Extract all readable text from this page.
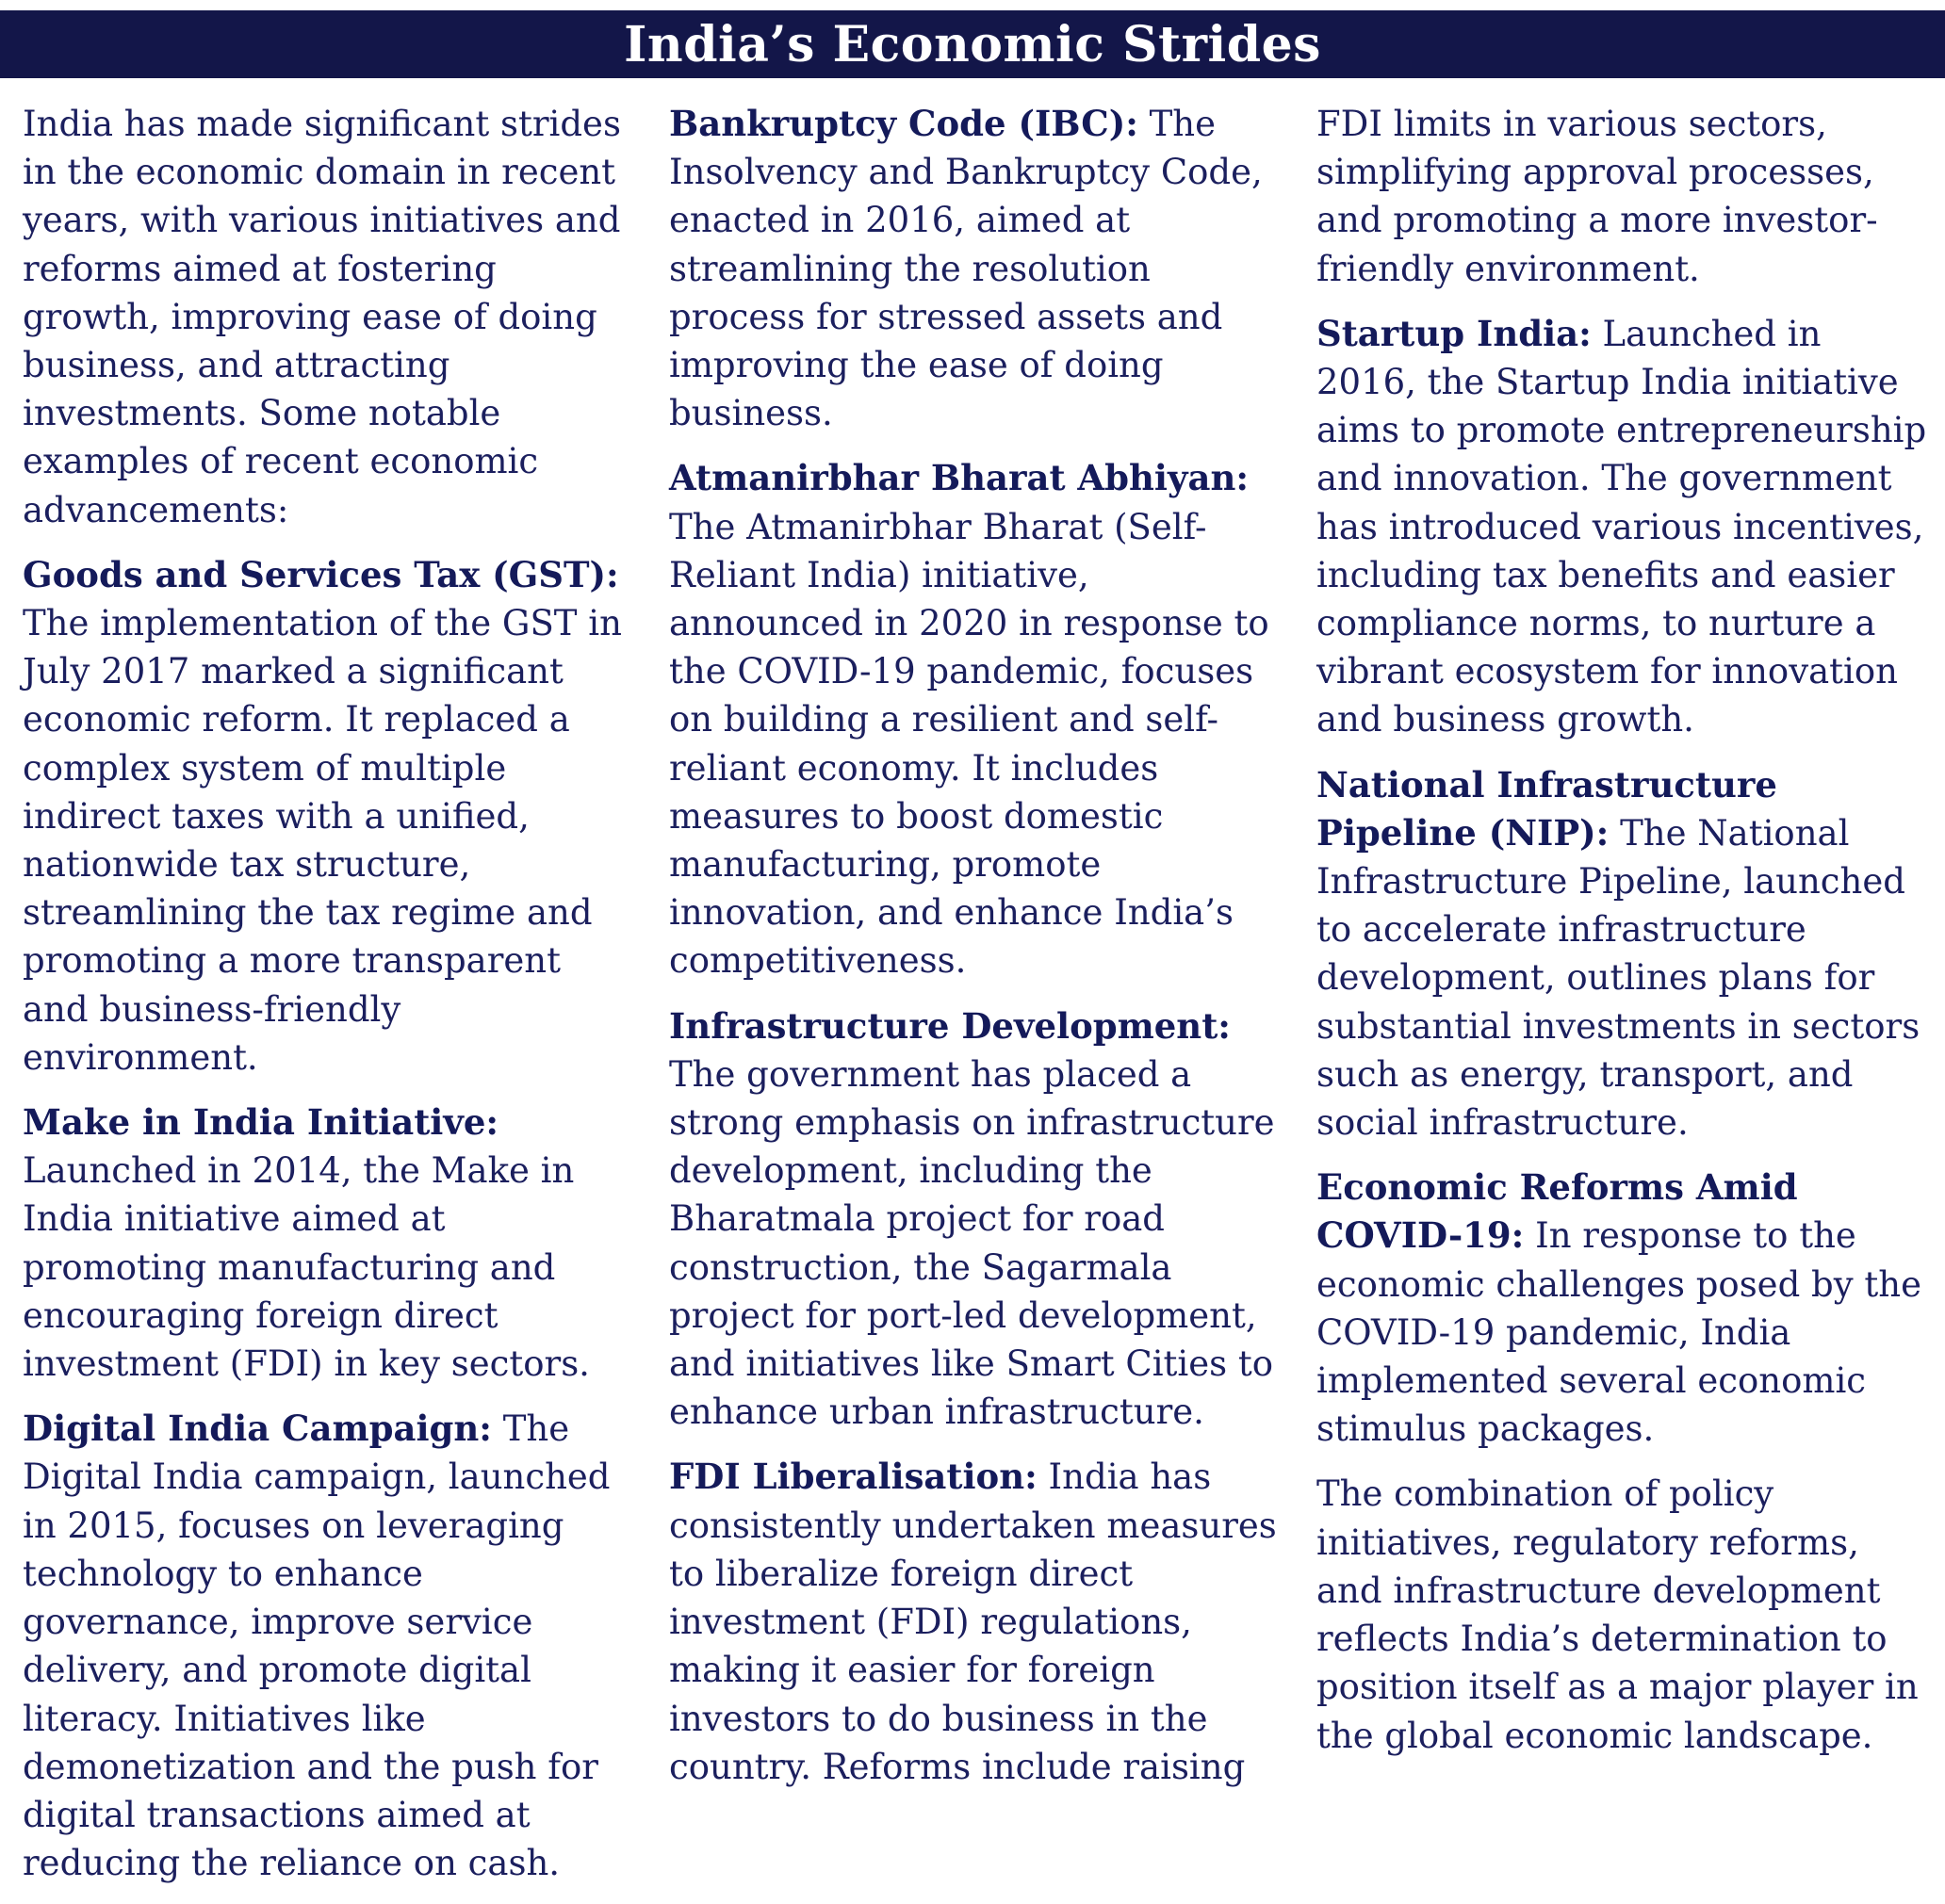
India’s Economic Strides

India has made significant strides in the economic domain in recent years, with various initiatives and reforms aimed at fostering growth, improving ease of doing business, and attracting investments. Some notable examples of recent economic advancements:

Goods and Services Tax (GST): The implementation of the GST in July 2017 marked a significant economic reform. It replaced a complex system of multiple indirect taxes with a unified, nationwide tax structure, streamlining the tax regime and promoting a more transparent and business-friendly environment.

Make in India Initiative: Launched in 2014, the Make in India initiative aimed at promoting manufacturing and encouraging foreign direct investment (FDI) in key sectors.

Digital India Campaign: The Digital India campaign, launched in 2015, focuses on leveraging technology to enhance governance, improve service delivery, and promote digital literacy. Initiatives like demonetization and the push for digital transactions aimed at reducing the reliance on cash.

Bankruptcy Code (IBC): The Insolvency and Bankruptcy Code, enacted in 2016, aimed at streamlining the resolution process for stressed assets and improving the ease of doing business.

Atmanirbhar Bharat Abhiyan: The Atmanirbhar Bharat (Self-Reliant India) initiative, announced in 2020 in response to the COVID-19 pandemic, focuses on building a resilient and self-reliant economy. It includes measures to boost domestic manufacturing, promote innovation, and enhance India’s competitiveness.

Infrastructure Development: The government has placed a strong emphasis on infrastructure development, including the Bharatmala project for road construction, the Sagarmala project for port-led development, and initiatives like Smart Cities to enhance urban infrastructure.

FDI Liberalisation: India has consistently undertaken measures to liberalize foreign direct investment (FDI) regulations, making it easier for foreign investors to do business in the country. Reforms include raising

FDI limits in various sectors, simplifying approval processes, and promoting a more investor-friendly environment.

Startup India: Launched in 2016, the Startup India initiative aims to promote entrepreneurship and innovation. The government has introduced various incentives, including tax benefits and easier compliance norms, to nurture a vibrant ecosystem for innovation and business growth.

National Infrastructure Pipeline (NIP): The National Infrastructure Pipeline, launched to accelerate infrastructure development, outlines plans for substantial investments in sectors such as energy, transport, and social infrastructure.

Economic Reforms Amid COVID-19: In response to the economic challenges posed by the COVID-19 pandemic, India implemented several economic stimulus packages.

The combination of policy initiatives, regulatory reforms, and infrastructure development reflects India’s determination to position itself as a major player in the global economic landscape.
